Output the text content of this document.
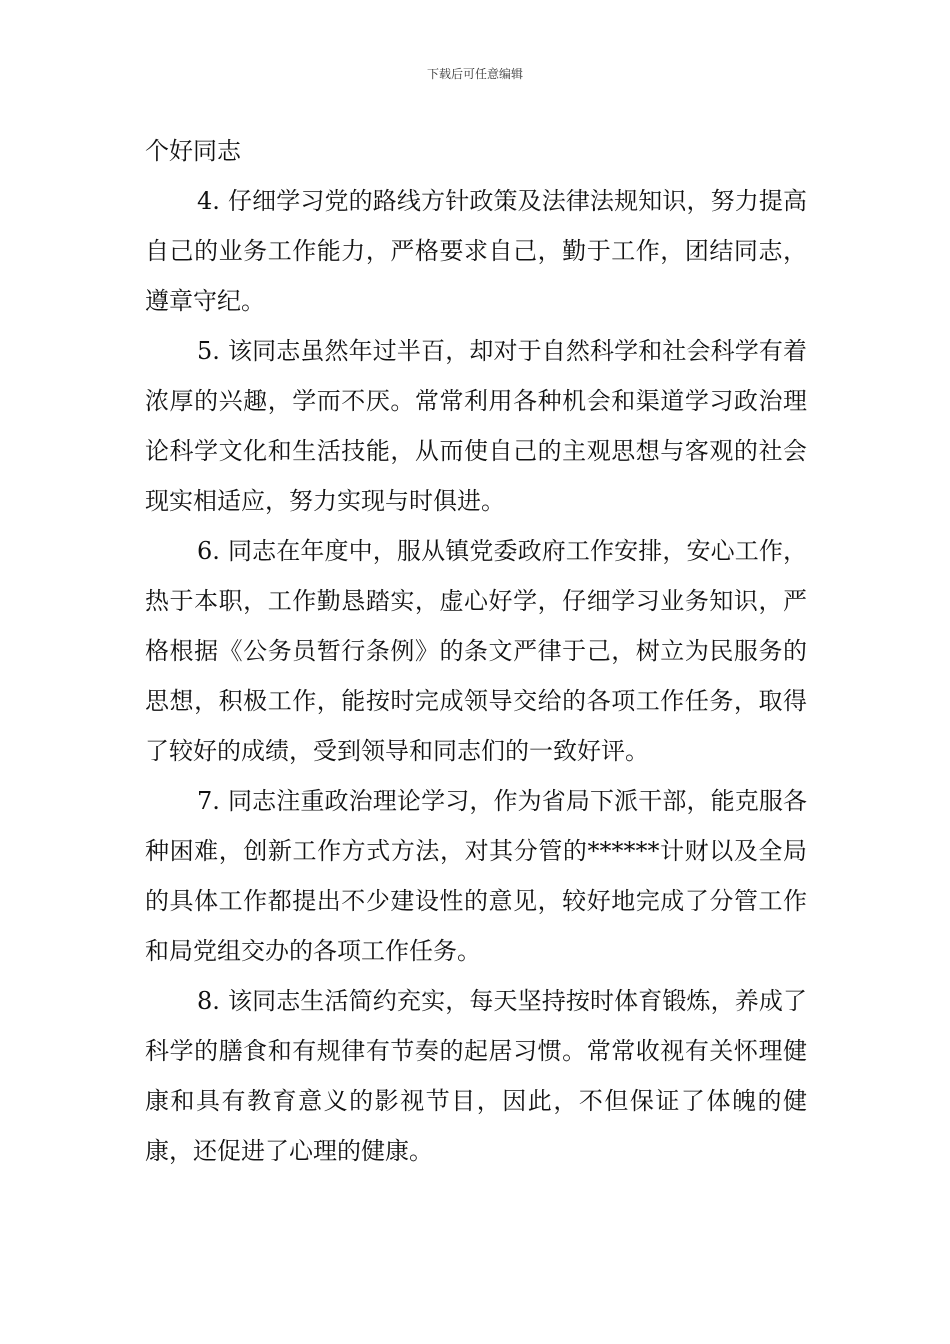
下载后可任意编辑

个好同志

4. 仔细学习党的路线方针政策及法律法规知识，努力提高自己的业务工作能力，严格要求自己，勤于工作，团结同志，遵章守纪。

5. 该同志虽然年过半百，却对于自然科学和社会科学有着浓厚的兴趣，学而不厌。常常利用各种机会和渠道学习政治理论科学文化和生活技能，从而使自己的主观思想与客观的社会现实相适应，努力实现与时俱进。

6. 同志在年度中，服从镇党委政府工作安排，安心工作，热于本职，工作勤恳踏实，虚心好学，仔细学习业务知识，严格根据《公务员暂行条例》的条文严律于己，树立为民服务的思想，积极工作，能按时完成领导交给的各项工作任务，取得了较好的成绩，受到领导和同志们的一致好评。

7. 同志注重政治理论学习，作为省局下派干部，能克服各种困难，创新工作方式方法，对其分管的******计财以及全局的具体工作都提出不少建设性的意见，较好地完成了分管工作和局党组交办的各项工作任务。

8. 该同志生活简约充实，每天坚持按时体育锻炼，养成了科学的膳食和有规律有节奏的起居习惯。常常收视有关怀理健康和具有教育意义的影视节目，因此，不但保证了体魄的健康，还促进了心理的健康。
